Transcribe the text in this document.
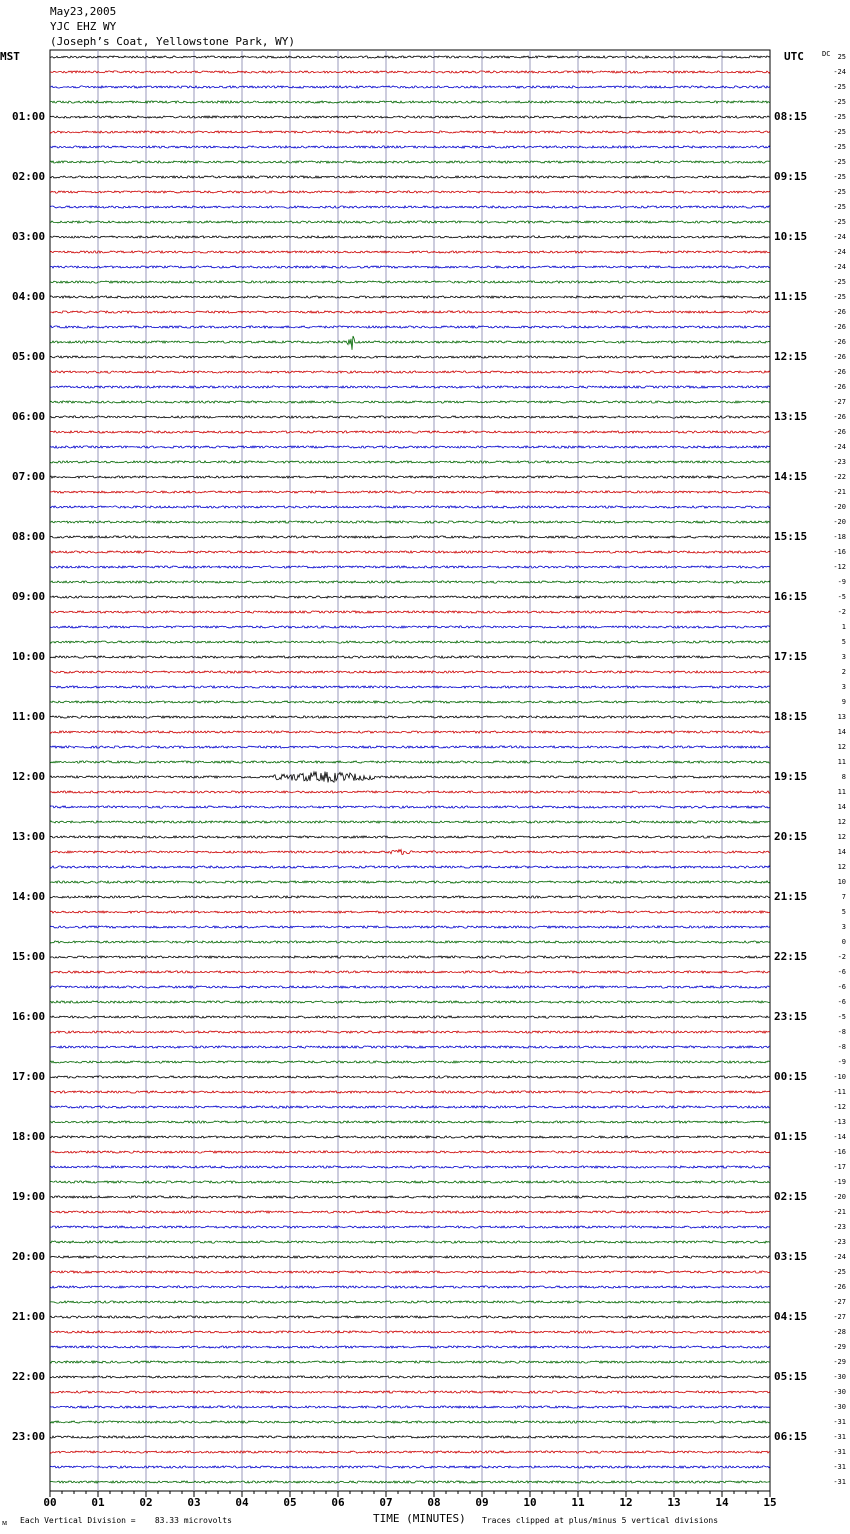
May23,2005
YJC EHZ WY
(Joseph’s Coat, Yellowstone Park, WY)
MST	UTC	DC	25
-24
-25
-25
-25
-25
-25
-25
-25
-25
-25
-25
-24
-24
-24
-25
-25
-26
-26
-26
-26
-26
-26
-27
-26
-26
-24
-23
-22
-21
-20
-20
-18
-16
-12
-9
-5
-2
1
5
3
2
3
9
13
14
12
11
8
11
14
12
12
14
12
10
7
5
3
0
-2
-6
-6
-6
-5
-8
-8
-9
-10
-11
-12
-13
-14
-16
-17
-19
-20
-21
-23
-23
-24
-25
-26
-27
-27
-28
-29
-29
-30
-30
-30
-31
-31
-31
-31
-31
01:00	08:15
02:00	09:15
03:00	10:15
04:00	11:15
05:00	12:15
06:00	13:15
07:00	14:15
08:00	15:15
09:00	16:15
10:00	17:15
11:00	18:15
12:00	19:15
13:00	20:15
14:00	21:15
15:00	22:15
16:00	23:15
17:00	00:15
18:00	01:15
19:00	02:15
20:00	03:15
21:00	04:15
22:00	05:15
23:00	06:15
00	01	02	03	04	05	06	07	08	09	10	11	12	13	14	15
ᴍ Each Vertical Division =    83.33 microvolts	TIME (MINUTES) Traces clipped at plus/minus 5 vertical divisions
